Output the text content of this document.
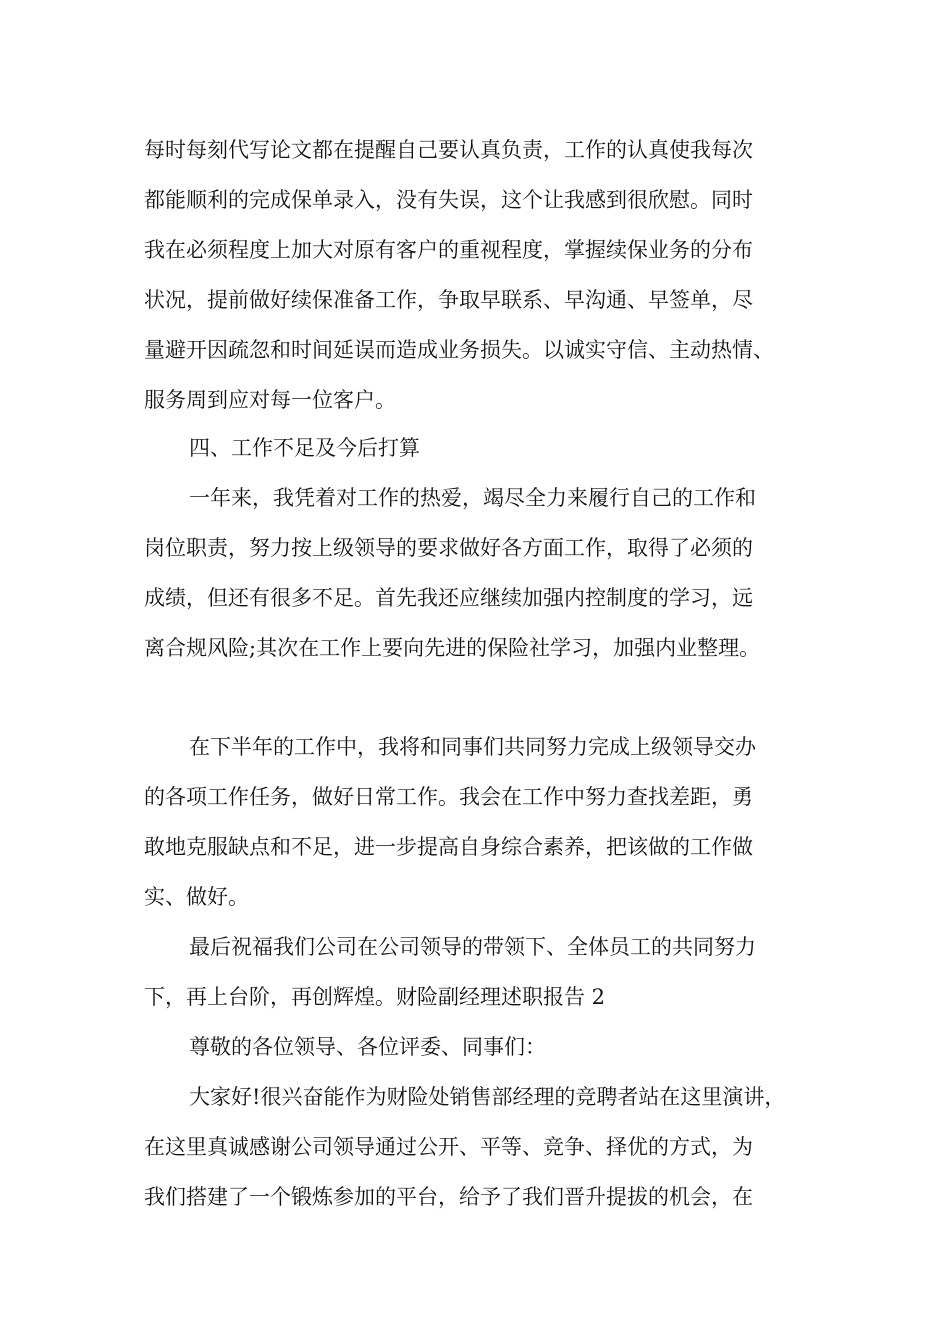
每时每刻代写论文都在提醒自己要认真负责，工作的认真使我每次
都能顺利的完成保单录入，没有失误，这个让我感到很欣慰。同时
我在必须程度上加大对原有客户的重视程度，掌握续保业务的分布
状况，提前做好续保准备工作，争取早联系、早沟通、早签单，尽
量避开因疏忽和时间延误而造成业务损失。以诚实守信、主动热情、
服务周到应对每一位客户。
四、工作不足及今后打算
一年来，我凭着对工作的热爱，竭尽全力来履行自己的工作和
岗位职责，努力按上级领导的要求做好各方面工作，取得了必须的
成绩，但还有很多不足。首先我还应继续加强内控制度的学习，远
离合规风险;其次在工作上要向先进的保险社学习，加强内业整理。
在下半年的工作中，我将和同事们共同努力完成上级领导交办
的各项工作任务，做好日常工作。我会在工作中努力查找差距，勇
敢地克服缺点和不足，进一步提高自身综合素养，把该做的工作做
实、做好。
最后祝福我们公司在公司领导的带领下、全体员工的共同努力
下，再上台阶，再创辉煌。财险副经理述职报告 2
尊敬的各位领导、各位评委、同事们：
大家好!很兴奋能作为财险处销售部经理的竞聘者站在这里演讲，
在这里真诚感谢公司领导通过公开、平等、竞争、择优的方式，为
我们搭建了一个锻炼参加的平台，给予了我们晋升提拔的机会，在
